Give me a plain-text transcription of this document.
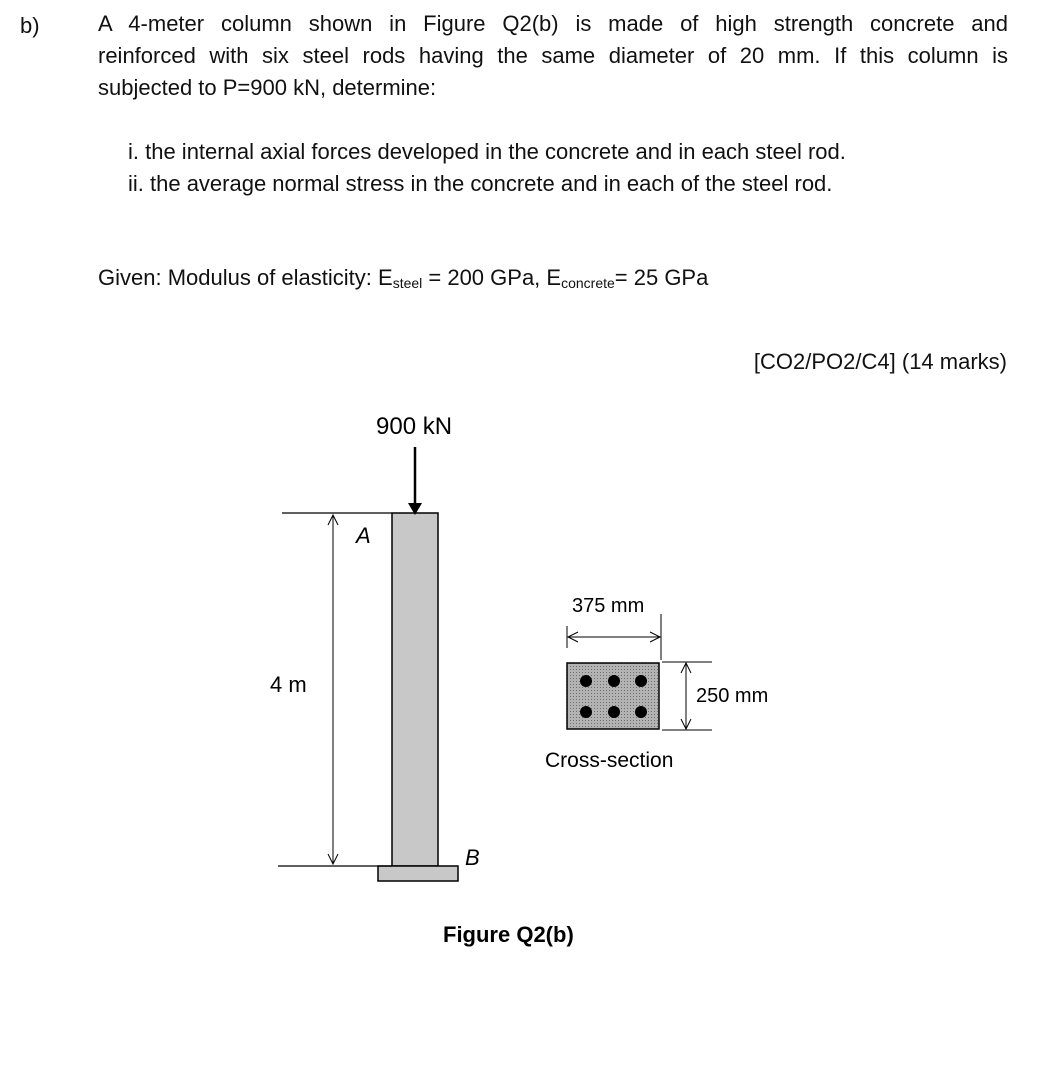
b)	A 4-meter column shown in Figure Q2(b) is made of high strength concrete and
reinforced with six steel rods having the same diameter of 20 mm. If this column is
subjected to P=900 kN, determine:
i. the internal axial forces developed in the concrete and in each steel rod.
ii. the average normal stress in the concrete and in each of the steel rod.
Given: Modulus of elasticity: $E_{steel} = 200$ GPa, $E_{concrete}= 25$ GPa
[CO2/PO2/C4] (14 marks)
900 kN
4 m
A
B
375 mm
250 mm
Cross-section
Figure Q2(b)
